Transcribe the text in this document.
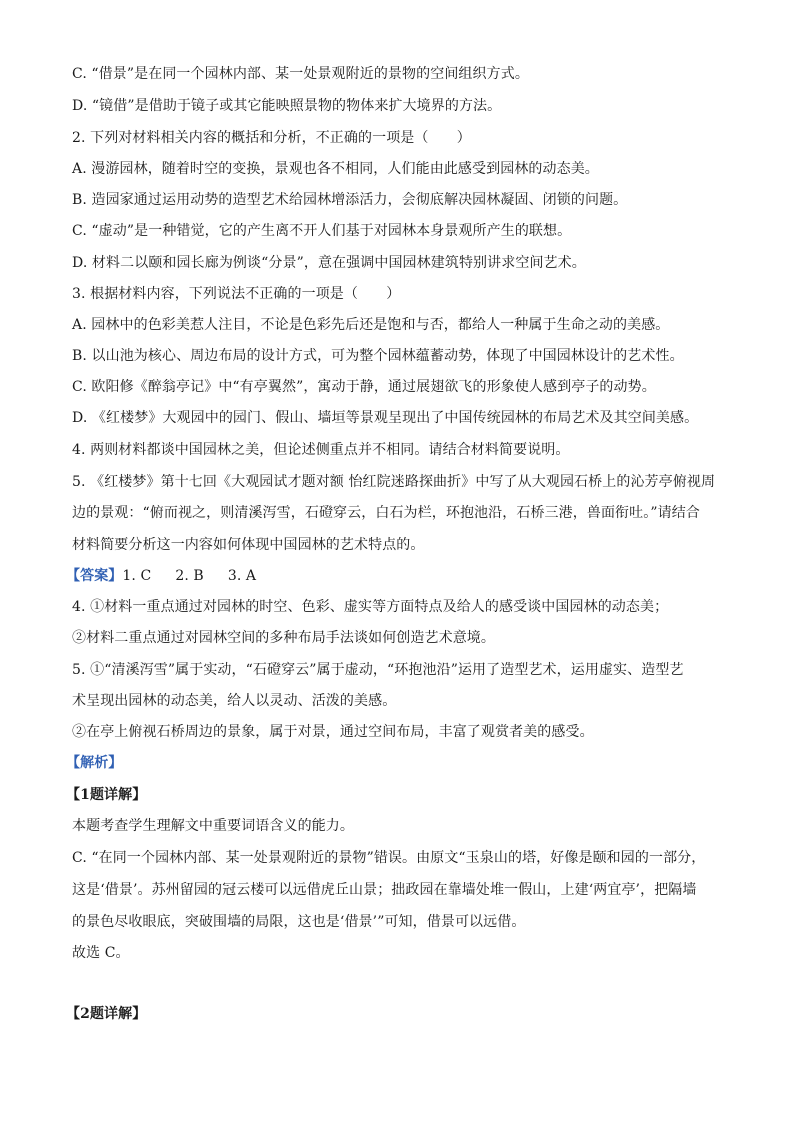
C. “借景”是在同一个园林内部、某一处景观附近的景物的空间组织方式。
D. “镜借”是借助于镜子或其它能映照景物的物体来扩大境界的方法。
2. 下列对材料相关内容的概括和分析，不正确的一项是（　　）
A. 漫游园林，随着时空的变换，景观也各不相同，人们能由此感受到园林的动态美。
B. 造园家通过运用动势的造型艺术给园林增添活力，会彻底解决园林凝固、闭锁的问题。
C. “虚动”是一种错觉，它的产生离不开人们基于对园林本身景观所产生的联想。
D. 材料二以颐和园长廊为例谈“分景”，意在强调中国园林建筑特别讲求空间艺术。
3. 根据材料内容，下列说法不正确的一项是（　　）
A. 园林中的色彩美惹人注目，不论是色彩先后还是饱和与否，都给人一种属于生命之动的美感。
B. 以山池为核心、周边布局的设计方式，可为整个园林蕴蓄动势，体现了中国园林设计的艺术性。
C. 欧阳修《醉翁亭记》中“有亭翼然”，寓动于静，通过展翅欲飞的形象使人感到亭子的动势。
D. 《红楼梦》大观园中的园门、假山、墙垣等景观呈现出了中国传统园林的布局艺术及其空间美感。
4. 两则材料都谈中国园林之美，但论述侧重点并不相同。请结合材料简要说明。
5. 《红楼梦》第十七回《大观园试才题对额 怡红院迷路探曲折》中写了从大观园石桥上的沁芳亭俯视周
边的景观：“俯而视之，则清溪泻雪，石磴穿云，白石为栏，环抱池沿，石桥三港，兽面衔吐。”请结合
材料简要分析这一内容如何体现中国园林的艺术特点的。
【答案】1. C 2. B 3. A
4. ①材料一重点通过对园林的时空、色彩、虚实等方面特点及给人的感受谈中国园林的动态美；
②材料二重点通过对园林空间的多种布局手法谈如何创造艺术意境。
5. ①“清溪泻雪”属于实动，“石磴穿云”属于虚动，“环抱池沿”运用了造型艺术，运用虚实、造型艺
术呈现出园林的动态美，给人以灵动、活泼的美感。
②在亭上俯视石桥周边的景象，属于对景，通过空间布局，丰富了观赏者美的感受。
【解析】
【1题详解】
本题考查学生理解文中重要词语含义的能力。
C. “在同一个园林内部、某一处景观附近的景物”错误。由原文“玉泉山的塔，好像是颐和园的一部分，
这是‘借景’。苏州留园的冠云楼可以远借虎丘山景；拙政园在靠墙处堆一假山，上建‘两宜亭’，把隔墙
的景色尽收眼底，突破围墙的局限，这也是‘借景’”可知，借景可以远借。
故选 C。
【2题详解】
